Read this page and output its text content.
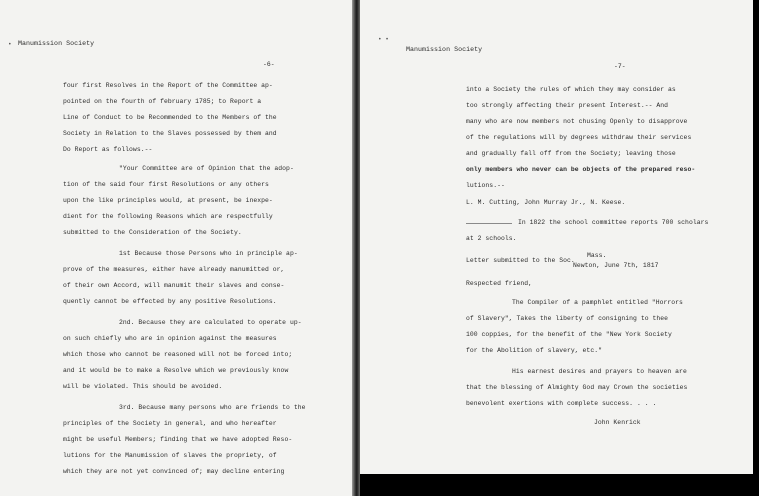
• Manumission Society
-6-
four first Resolves in the Report of the Committee ap-
pointed on the fourth of february 1785; to Report a
Line of Conduct to be Recommended to the Members of the
Society in Relation to the Slaves possessed by them and
Do Report as follows.--
"Your Committee are of Opinion that the adop-
tion of the said four first Resolutions or any others
upon the like principles would, at present, be inexpe-
dient for the following Reasons which are respectfully
submitted to the Consideration of the Society.
1st Because those Persons who in principle ap-
prove of the measures, either have already manumitted or,
of their own Accord, will manumit their slaves and conse-
quently cannot be effected by any positive Resolutions.
2nd. Because they are calculated to operate up-
on such chiefly who are in opinion against the measures
which those who cannot be reasoned will not be forced into;
and it would be to make a Resolve which we previously know
will be violated. This should be avoided.
3rd. Because many persons who are friends to the
principles of the Society in general, and who hereafter
might be useful Members; finding that we have adopted Reso-
lutions for the Manumission of slaves the propriety, of
which they are not yet convinced of; may decline entering
• •
Manumission Society
-7-
into a Society the rules of which they may consider as
too strongly affecting their present Interest.-- And
many who are now members not chusing Openly to disapprove
of the regulations will by degrees withdraw their services
and gradually fall off from the Society; leaving those
only members who never can be objects of the prepared reso-
lutions.--
L. M. Cutting, John Murray Jr., N. Keese.
In 1822 the school committee reports 700 scholars
at 2 schools.
Letter submitted to the Soc.
Mass.
Newton, June 7th, 1817
Respected friend,
The Compiler of a pamphlet entitled "Horrors
of Slavery", Takes the liberty of consigning to thee
100 coppies, for the benefit of the "New York Society
for the Abolition of slavery, etc."
His earnest desires and prayers to heaven are
that the blessing of Almighty God may Crown the societies
benevolent exertions with complete success. . . .
John Kenrick
